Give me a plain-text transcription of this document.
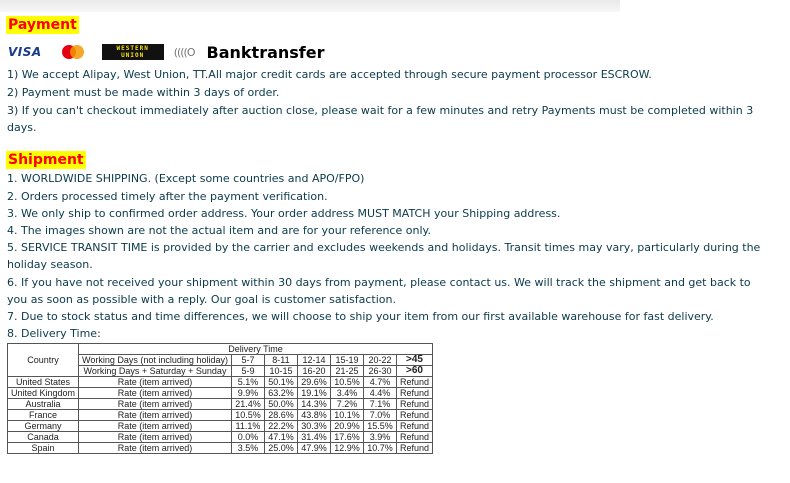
Payment
VISA	WESTERN
UNION	((((O Banktransfer
1) We accept Alipay, West Union, TT.All major credit cards are accepted through secure payment processor ESCROW.
2) Payment must be made within 3 days of order.
3) If you can't checkout immediately after auction close, please wait for a few minutes and retry Payments must be completed within 3
days.
Shipment
1. WORLDWIDE SHIPPING. (Except some countries and APO/FPO)
2. Orders processed timely after the payment verification.
3. We only ship to confirmed order address. Your order address MUST MATCH your Shipping address.
4. The images shown are not the actual item and are for your reference only.
5. SERVICE TRANSIT TIME is provided by the carrier and excludes weekends and holidays. Transit times may vary, particularly during the
holiday season.
6. If you have not received your shipment within 30 days from payment, please contact us. We will track the shipment and get back to
you as soon as possible with a reply. Our goal is customer satisfaction.
7. Due to stock status and time differences, we will choose to ship your item from our first available warehouse for fast delivery.
8. Delivery Time:
Country	Delivery Time						
	Working Days (not including holiday)	5-7	8-11	12-14	15-19	20-22	>45
	Working Days + Saturday + Sunday	5-9	10-15	16-20	21-25	26-30	>60
United States	Rate (item arrived)	5.1%	50.1%	29.6%	10.5%	4.7%	Refund
United Kingdom	Rate (item arrived)	9.9%	63.2%	19.1%	3.4%	4.4%	Refund
Australia	Rate (item arrived)	21.4%	50.0%	14.3%	7.2%	7.1%	Refund
France	Rate (item arrived)	10.5%	28.6%	43.8%	10.1%	7.0%	Refund
Germany	Rate (item arrived)	11.1%	22.2%	30.3%	20.9%	15.5%	Refund
Canada	Rate (item arrived)	0.0%	47.1%	31.4%	17.6%	3.9%	Refund
Spain	Rate (item arrived)	3.5%	25.0%	47.9%	12.9%	10.7%	Refund
